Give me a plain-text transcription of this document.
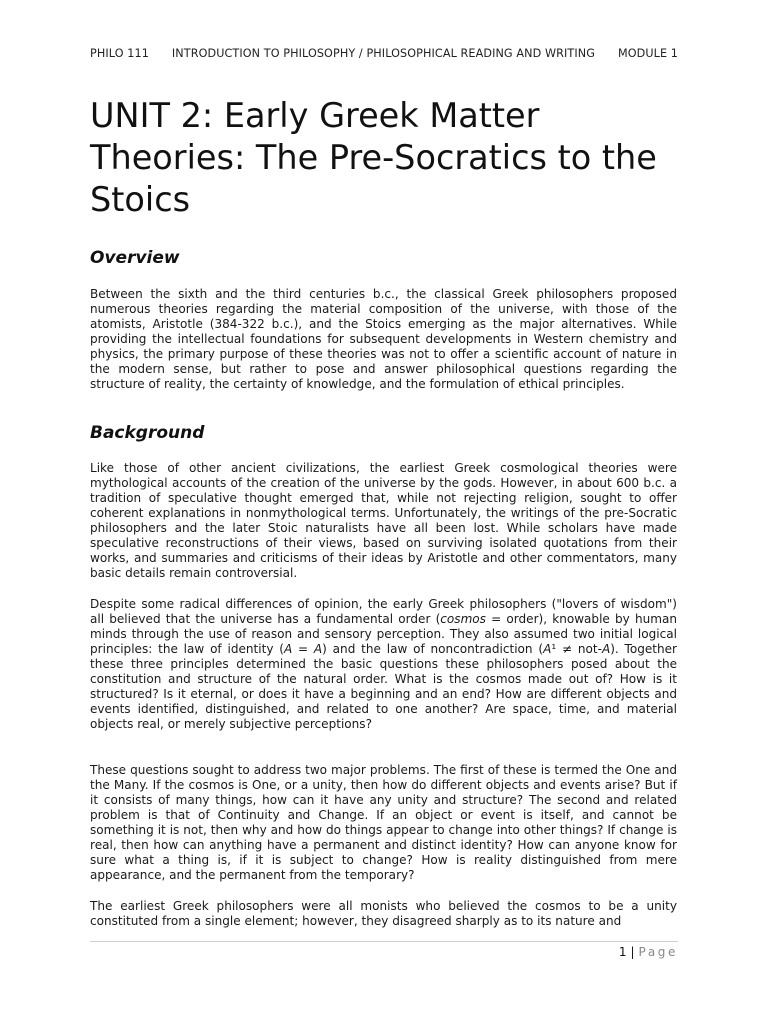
PHILO 111 INTRODUCTION TO PHILOSOPHY / PHILOSOPHICAL READING AND WRITING MODULE 1
UNIT 2: Early Greek Matter Theories: The Pre-Socratics to the Stoics
Overview

Between the sixth and the third centuries b.c., the classical Greek philosophers proposed numerous theories regarding the material composition of the universe, with those of the atomists, Aristotle (384-322 b.c.), and the Stoics emerging as the major alternatives. While providing the intellectual foundations for subsequent developments in Western chemistry and physics, the primary purpose of these theories was not to offer a scientific account of nature in the modern sense, but rather to pose and answer philosophical questions regarding the structure of reality, the certainty of knowledge, and the formulation of ethical principles.

Background

Like those of other ancient civilizations, the earliest Greek cosmological theories were mythological accounts of the creation of the universe by the gods. However, in about 600 b.c. a tradition of speculative thought emerged that, while not rejecting religion, sought to offer coherent explanations in nonmythological terms. Unfortunately, the writings of the pre-Socratic philosophers and the later Stoic naturalists have all been lost. While scholars have made speculative reconstructions of their views, based on surviving isolated quotations from their works, and summaries and criticisms of their ideas by Aristotle and other commentators, many basic details remain controversial.

Despite some radical differences of opinion, the early Greek philosophers ("lovers of wisdom") all believed that the universe has a fundamental order (cosmos = order), knowable by human minds through the use of reason and sensory perception. They also assumed two initial logical principles: the law of identity (A = A) and the law of noncontradiction (A¹ ≠ not-A). Together these three principles determined the basic questions these philosophers posed about the constitution and structure of the natural order. What is the cosmos made out of? How is it structured? Is it eternal, or does it have a beginning and an end? How are different objects and events identified, distinguished, and related to one another? Are space, time, and material objects real, or merely subjective perceptions?

These questions sought to address two major problems. The first of these is termed the One and the Many. If the cosmos is One, or a unity, then how do different objects and events arise? But if it consists of many things, how can it have any unity and structure? The second and related problem is that of Continuity and Change. If an object or event is itself, and cannot be something it is not, then why and how do things appear to change into other things? If change is real, then how can anything have a permanent and distinct identity? How can anyone know for sure what a thing is, if it is subject to change? How is reality distinguished from mere appearance, and the permanent from the temporary?

The earliest Greek philosophers were all monists who believed the cosmos to be a unity constituted from a single element; however, they disagreed sharply as to its nature and

1 | Page
